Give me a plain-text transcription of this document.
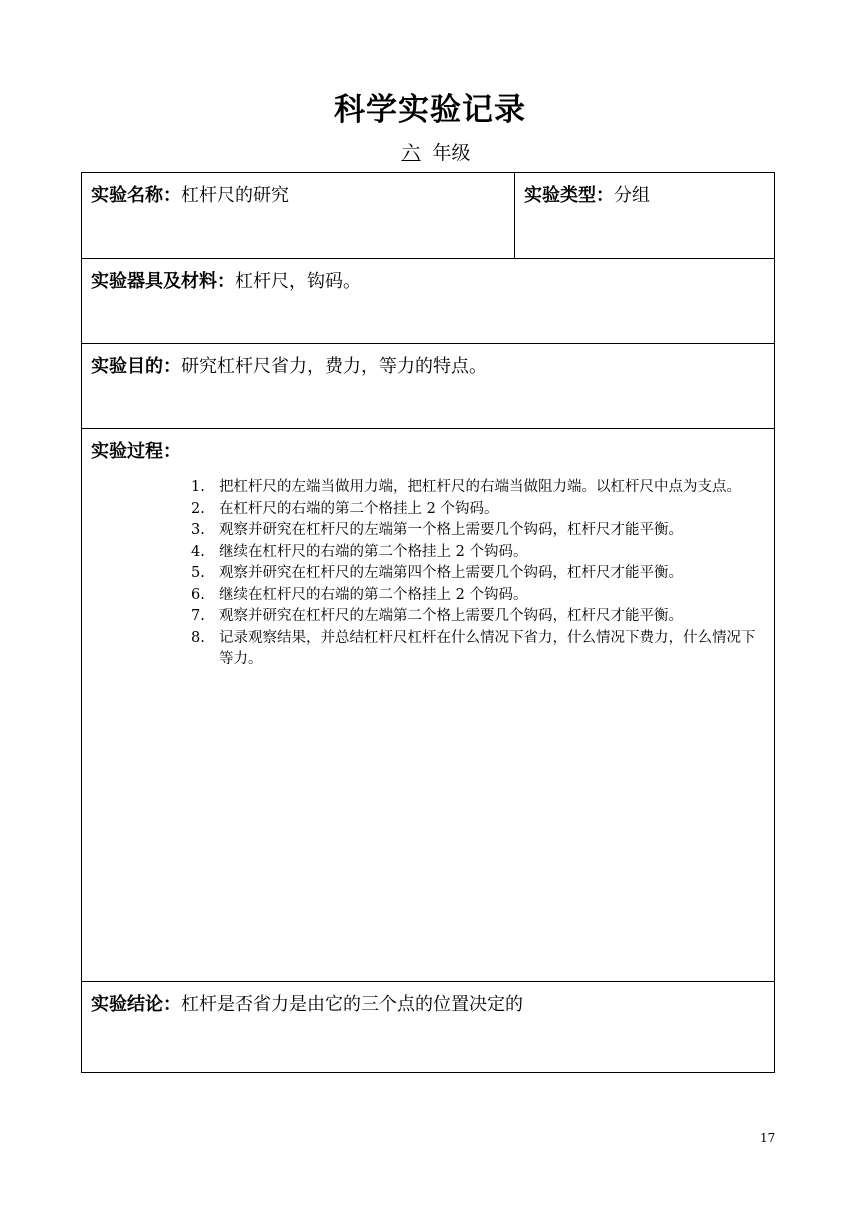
科学实验记录
六 年级
实验名称：杠杆尺的研究	实验类型：分组

实验器具及材料：杠杆尺，钩码。

实验目的：研究杠杆尺省力，费力，等力的特点。

实验过程：
1. 把杠杆尺的左端当做用力端，把杠杆尺的右端当做阻力端。以杠杆尺中点为支点。
2. 在杠杆尺的右端的第二个格挂上 2 个钩码。
3. 观察并研究在杠杆尺的左端第一个格上需要几个钩码，杠杆尺才能平衡。
4. 继续在杠杆尺的右端的第二个格挂上 2 个钩码。
5. 观察并研究在杠杆尺的左端第四个格上需要几个钩码，杠杆尺才能平衡。
6. 继续在杠杆尺的右端的第二个格挂上 2 个钩码。
7. 观察并研究在杠杆尺的左端第二个格上需要几个钩码，杠杆尺才能平衡。
8. 记录观察结果，并总结杠杆尺杠杆在什么情况下省力，什么情况下费力，什么情况下等力。

实验结论：杠杆是否省力是由它的三个点的位置决定的
17
